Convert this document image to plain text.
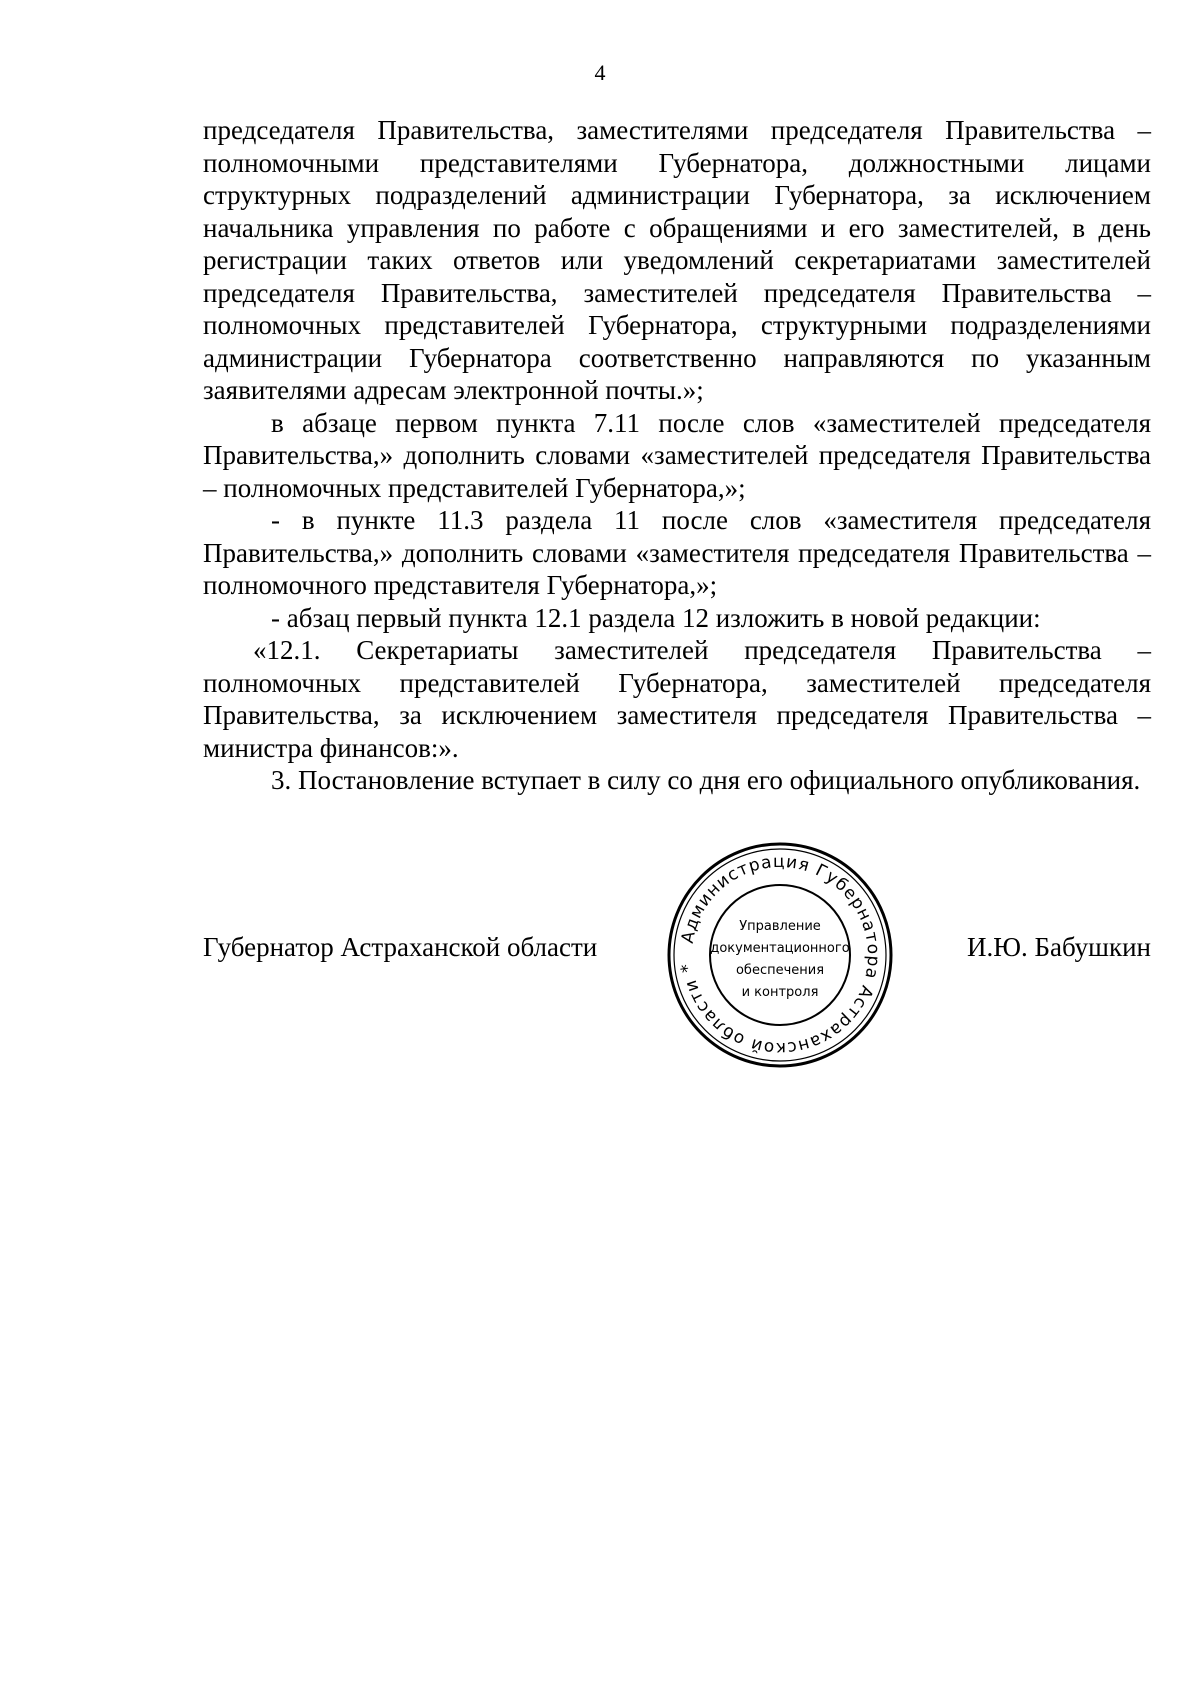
4

председателя Правительства, заместителями председателя Правительства – полномочными представителями Губернатора, должностными лицами структурных подразделений администрации Губернатора, за исключением начальника управления по работе с обращениями и его заместителей, в день регистрации таких ответов или уведомлений секретариатами заместителей председателя Правительства, заместителей председателя Правительства – полномочных представителей Губернатора, структурными подразделениями администрации Губернатора соответственно направляются по указанным заявителями адресам электронной почты.»;

в абзаце первом пункта 7.11 после слов «заместителей председателя Правительства,» дополнить словами «заместителей председателя Правительства – полномочных представителей Губернатора,»;

- в пункте 11.3 раздела 11 после слов «заместителя председателя Правительства,» дополнить словами «заместителя председателя Правительства – полномочного представителя Губернатора,»;

- абзац первый пункта 12.1 раздела 12 изложить в новой редакции:

«12.1. Секретариаты заместителей председателя Правительства – полномочных представителей Губернатора, заместителей председателя Правительства, за исключением заместителя председателя Правительства – министра финансов:».

3. Постановление вступает в силу со дня его официального опубликования.

Губернатор Астраханской области	И.Ю. Бабушкин
Администрация Губернатора Астраханской области *
Управление
документационного
обеспечения
и контроля
